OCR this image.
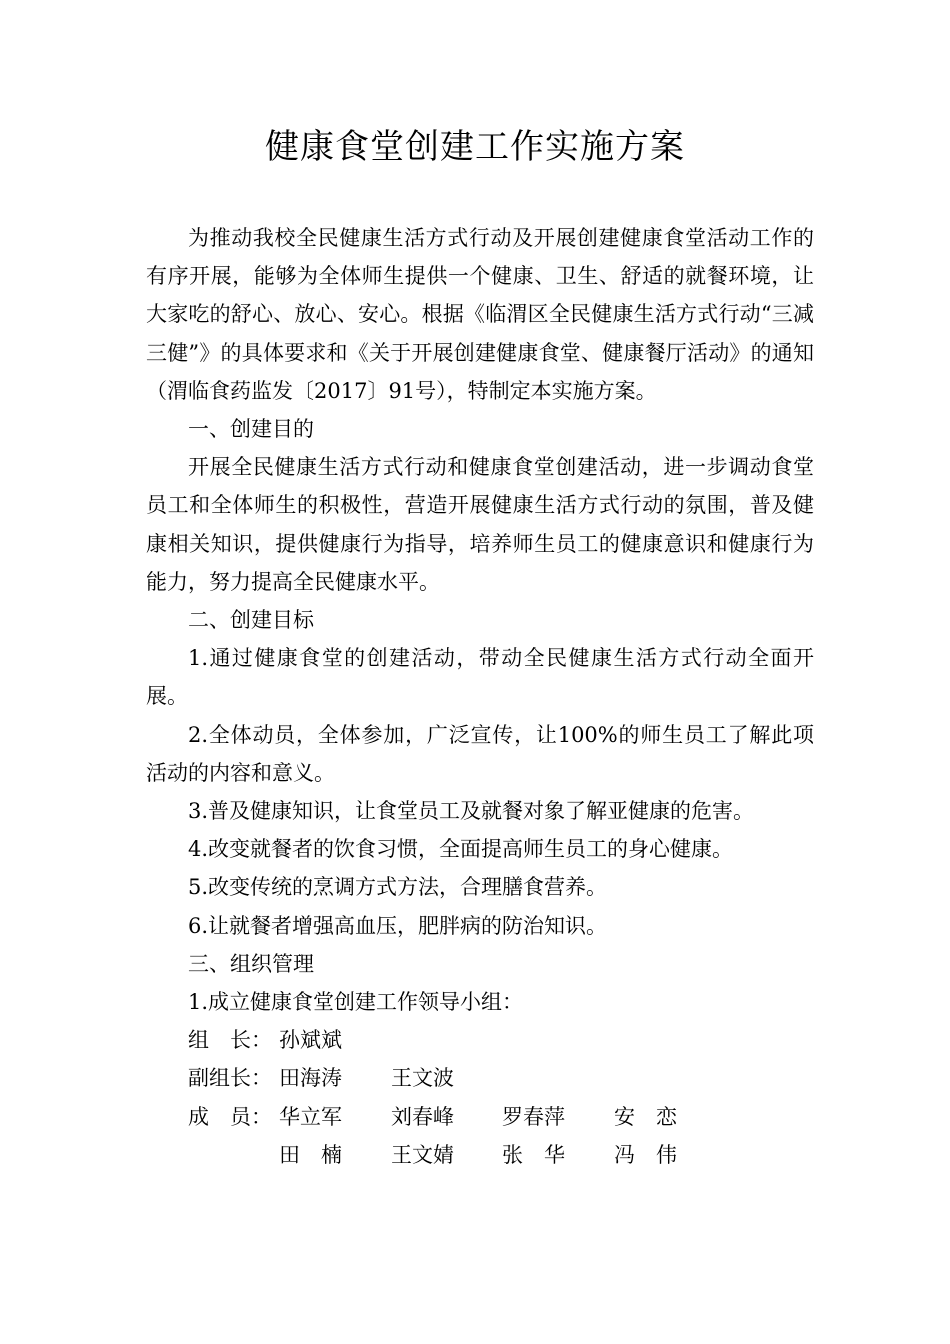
健康食堂创建工作实施方案

为推动我校全民健康生活方式行动及开展创建健康食堂活动工作的有序开展，能够为全体师生提供一个健康、卫生、舒适的就餐环境，让大家吃的舒心、放心、安心。根据《临渭区全民健康生活方式行动“三减三健”》的具体要求和《关于开展创建健康食堂、健康餐厅活动》的通知（渭临食药监发〔2017〕91号），特制定本实施方案。

一、创建目的

开展全民健康生活方式行动和健康食堂创建活动，进一步调动食堂员工和全体师生的积极性，营造开展健康生活方式行动的氛围，普及健康相关知识，提供健康行为指导，培养师生员工的健康意识和健康行为能力，努力提高全民健康水平。

二、创建目标

1.通过健康食堂的创建活动，带动全民健康生活方式行动全面开展。

2.全体动员，全体参加，广泛宣传，让100%的师生员工了解此项活动的内容和意义。

3.普及健康知识，让食堂员工及就餐对象了解亚健康的危害。

4.改变就餐者的饮食习惯，全面提高师生员工的身心健康。

5.改变传统的烹调方式方法，合理膳食营养。

6.让就餐者增强高血压，肥胖病的防治知识。

三、组织管理

1.成立健康食堂创建工作领导小组：

组　长： 孙斌斌
副组长： 田海涛 王文波
成　员： 华立军 刘春峰 罗春萍 安　恋
田　楠 王文婧 张　华 冯　伟
